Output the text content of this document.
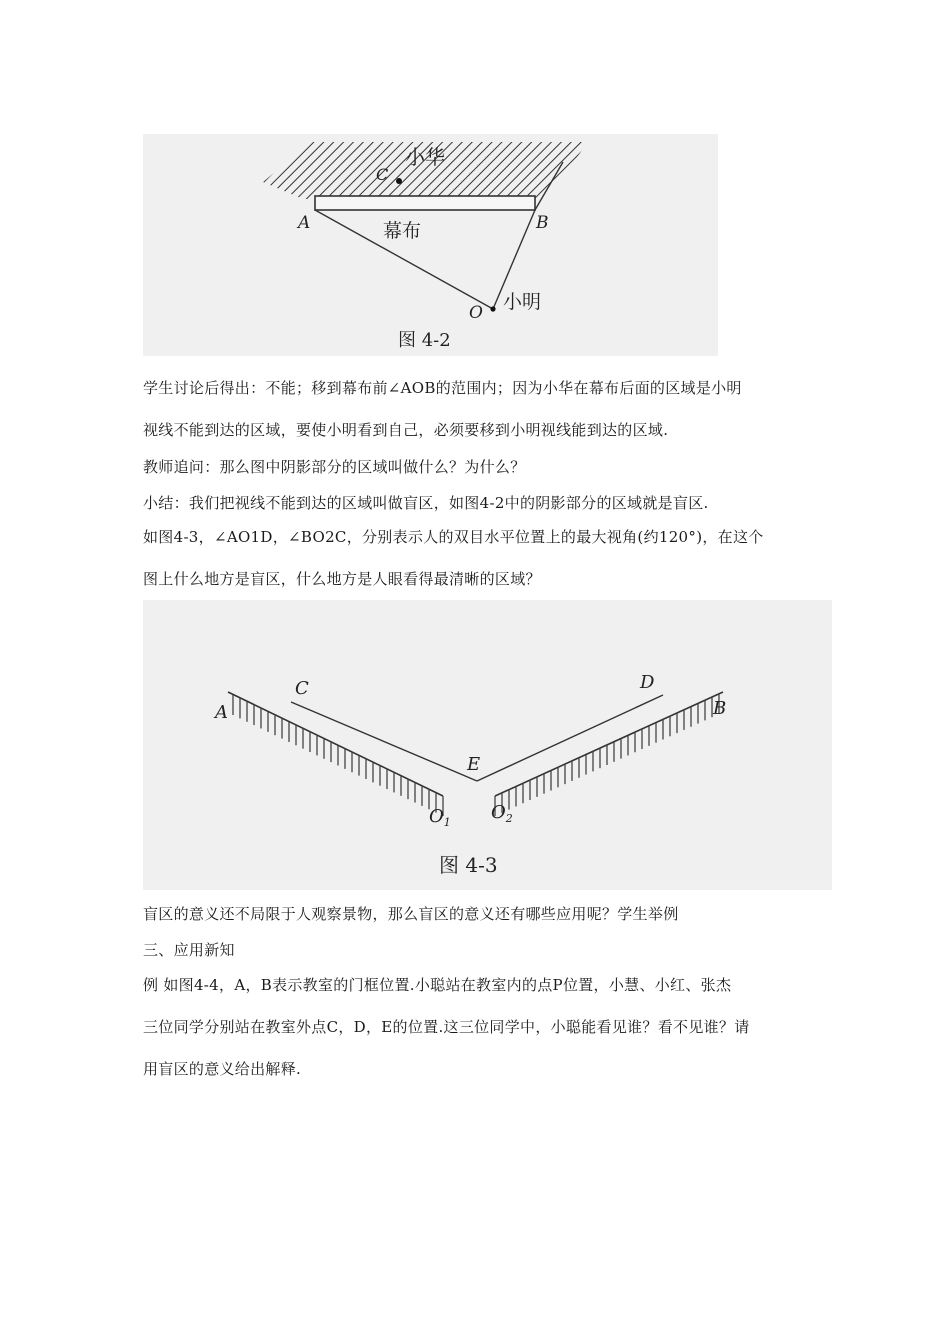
小华
C
A	B
幕布
O 小明
图 4-2
学生讨论后得出：不能；移到幕布前∠AOB的范围内；因为小华在幕布后面的区域是小明
视线不能到达的区域，要使小明看到自己，必须要移到小明视线能到达的区域.
教师追问：那么图中阴影部分的区域叫做什么？为什么？
小结：我们把视线不能到达的区域叫做盲区，如图4-2中的阴影部分的区域就是盲区.
如图4-3，∠AO1D，∠BO2C，分别表示人的双目水平位置上的最大视角(约120°)，在这个
图上什么地方是盲区，什么地方是人眼看得最清晰的区域？
A
C	D
B
E
$O_1$ $O_2$
图 4-3
盲区的意义还不局限于人观察景物，那么盲区的意义还有哪些应用呢？学生举例
三、应用新知
例 如图4-4，A，B表示教室的门框位置.小聪站在教室内的点P位置，小慧、小红、张杰
三位同学分别站在教室外点C，D，E的位置.这三位同学中，小聪能看见谁？看不见谁？请
用盲区的意义给出解释.
